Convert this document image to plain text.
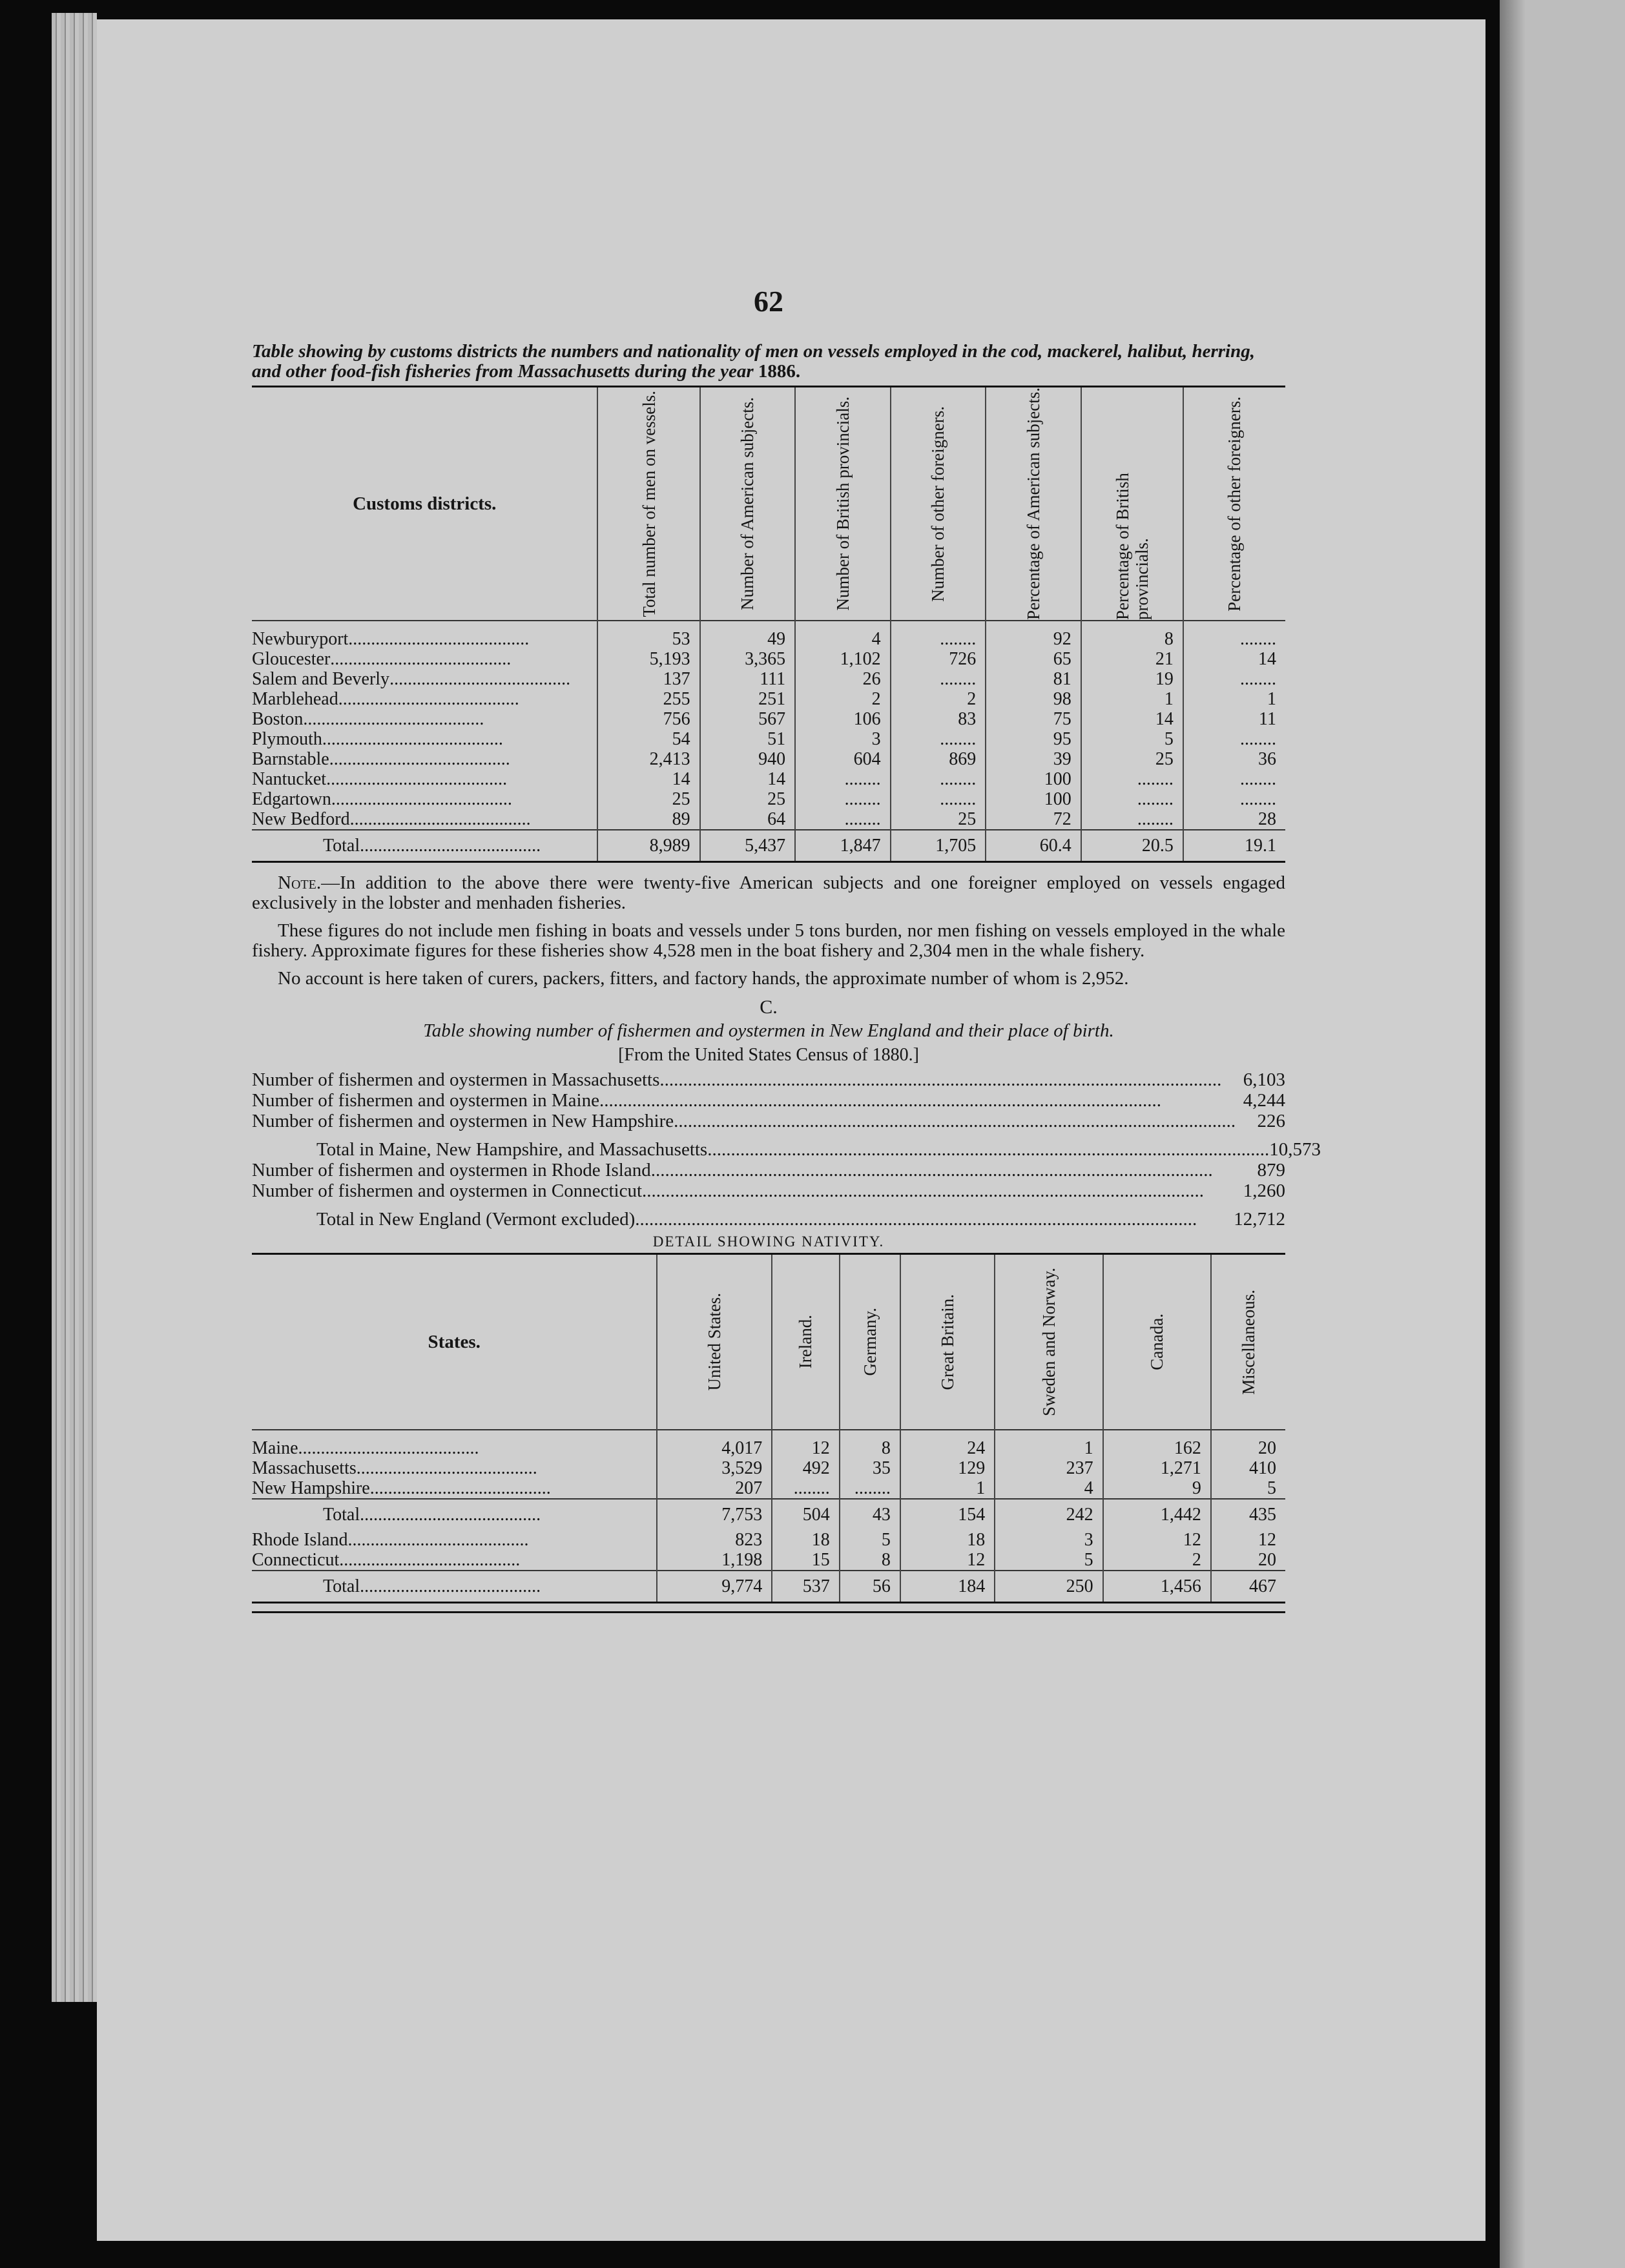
62
Table showing by customs districts the numbers and nationality of men on vessels employed in the cod, mackerel, halibut, herring, and other food-fish fisheries from Massachusetts during the year 1886.
Customs districts.	Total number of men on vessels.	Number of American subjects.	Number of British provincials.	Number of other foreigners.	Percentage of American subjects.	Percentage of British provincials.	Percentage of other foreigners.

Newburyport........................................	53	49	4	........	92	8	........
Gloucester........................................	5,193	3,365	1,102	726	65	21	14
Salem and Beverly........................................	137	111	26	........	81	19	........
Marblehead........................................	255	251	2	2	98	1	1
Boston........................................	756	567	106	83	75	14	11
Plymouth........................................	54	51	3	........	95	5	........
Barnstable........................................	2,413	940	604	869	39	25	36
Nantucket........................................	14	14	........	........	100	........	........
Edgartown........................................	25	25	........	........	100	........	........
New Bedford........................................	89	64	........	25	72	........	28
Total........................................	8,989	5,437	1,847	1,705	60.4	20.5	19.1

Note.—In addition to the above there were twenty-five American subjects and one foreigner employed on vessels engaged exclusively in the lobster and menhaden fisheries.

These figures do not include men fishing in boats and vessels under 5 tons burden, nor men fishing on vessels employed in the whale fishery. Approximate figures for these fisheries show 4,528 men in the boat fishery and 2,304 men in the whale fishery.

No account is here taken of curers, packers, fitters, and factory hands, the approximate number of whom is 2,952.

C.
Table showing number of fishermen and oystermen in New England and their place of birth.
[From the United States Census of 1880.]
Number of fishermen and oystermen in Massachusetts ........................................................................................................................	6,103
Number of fishermen and oystermen in Maine ........................................................................................................................	4,244
Number of fishermen and oystermen in New Hampshire ........................................................................................................................	226
Total in Maine, New Hampshire, and Massachusetts ........................................................................................................................ 10,573
Number of fishermen and oystermen in Rhode Island ........................................................................................................................	879
Number of fishermen and oystermen in Connecticut ........................................................................................................................	1,260
Total in New England (Vermont excluded) ........................................................................................................................	12,712
DETAIL SHOWING NATIVITY.
States.	United States.	Ireland.	Germany.	Great Britain.	Sweden and Norway.	Canada.	Miscellaneous.

Maine........................................	4,017	12	8	24	1	162	20
Massachusetts........................................	3,529	492	35	129	237	1,271	410
New Hampshire........................................	207	........	........	1	4	9	5
Total........................................	7,753	504	43	154	242	1,442	435
Rhode Island........................................	823	18	5	18	3	12	12
Connecticut........................................	1,198	15	8	12	5	2	20
Total........................................	9,774	537	56	184	250	1,456	467
